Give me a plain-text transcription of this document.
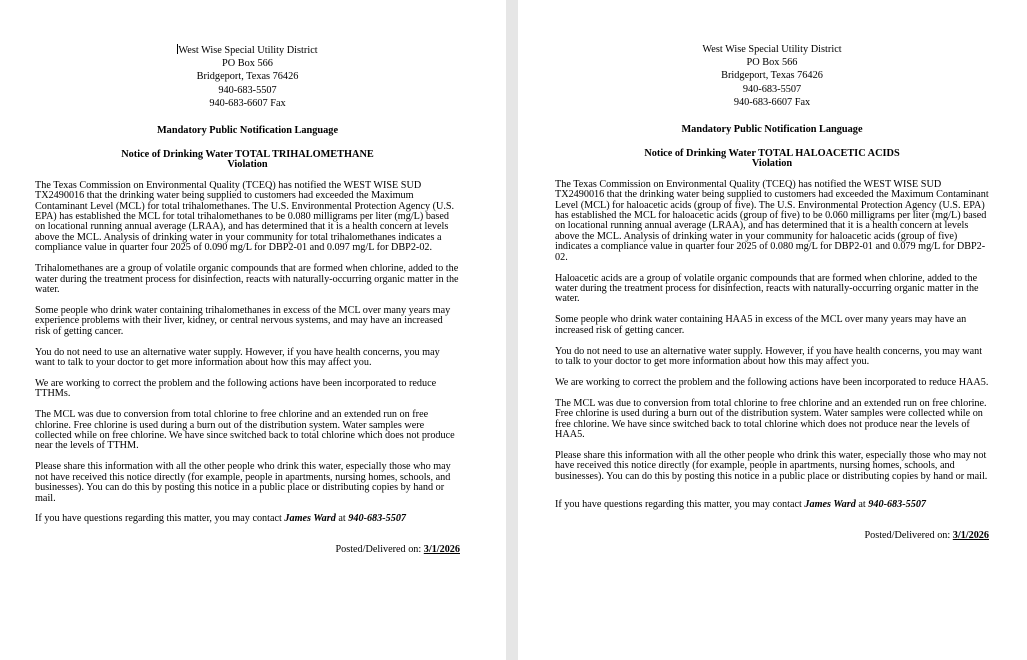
West Wise Special Utility District
PO Box 566
Bridgeport, Texas 76426
940-683-5507
940-683-6607 Fax
Mandatory Public Notification Language
Notice of Drinking Water TOTAL TRIHALOMETHANE
Violation

The Texas Commission on Environmental Quality (TCEQ) has notified the WEST WISE SUD TX2490016 that the drinking water being supplied to customers had exceeded the Maximum Contaminant Level (MCL) for total trihalomethanes. The U.S. Environmental Protection Agency (U.S. EPA) has established the MCL for total trihalomethanes to be 0.080 milligrams per liter (mg/L) based on locational running annual average (LRAA), and has determined that it is a health concern at levels above the MCL. Analysis of drinking water in your community for total trihalomethanes indicates a compliance value in quarter four 2025 of 0.090 mg/L for DBP2-01 and 0.097 mg/L for DBP2-02.

Trihalomethanes are a group of volatile organic compounds that are formed when chlorine, added to the water during the treatment process for disinfection, reacts with naturally-occurring organic matter in the water.

Some people who drink water containing trihalomethanes in excess of the MCL over many years may experience problems with their liver, kidney, or central nervous systems, and may have an increased risk of getting cancer.

You do not need to use an alternative water supply. However, if you have health concerns, you may want to talk to your doctor to get more information about how this may affect you.

We are working to correct the problem and the following actions have been incorporated to reduce TTHMs.

The MCL was due to conversion from total chlorine to free chlorine and an extended run on free chlorine. Free chlorine is used during a burn out of the distribution system. Water samples were collected while on free chlorine. We have since switched back to total chlorine which does not produce near the levels of TTHM.

Please share this information with all the other people who drink this water, especially those who may not have received this notice directly (for example, people in apartments, nursing homes, schools, and businesses). You can do this by posting this notice in a public place or distributing copies by hand or mail.

If you have questions regarding this matter, you may contact James Ward at 940-683-5507
Posted/Delivered on: 3/1/2026
West Wise Special Utility District
PO Box 566
Bridgeport, Texas 76426
940-683-5507
940-683-6607 Fax
Mandatory Public Notification Language
Notice of Drinking Water TOTAL HALOACETIC ACIDS
Violation

The Texas Commission on Environmental Quality (TCEQ) has notified the WEST WISE SUD TX2490016 that the drinking water being supplied to customers had exceeded the Maximum Contaminant Level (MCL) for haloacetic acids (group of five). The U.S. Environmental Protection Agency (U.S. EPA) has established the MCL for haloacetic acids (group of five) to be 0.060 milligrams per liter (mg/L) based on locational running annual average (LRAA), and has determined that it is a health concern at levels above the MCL. Analysis of drinking water in your community for haloacetic acids (group of five) indicates a compliance value in quarter four 2025 of 0.080 mg/L for DBP2-01 and 0.079 mg/L for DBP2-02.

Haloacetic acids are a group of volatile organic compounds that are formed when chlorine, added to the water during the treatment process for disinfection, reacts with naturally-occurring organic matter in the water.

Some people who drink water containing HAA5 in excess of the MCL over many years may have an increased risk of getting cancer.

You do not need to use an alternative water supply. However, if you have health concerns, you may want to talk to your doctor to get more information about how this may affect you.

We are working to correct the problem and the following actions have been incorporated to reduce HAA5.

The MCL was due to conversion from total chlorine to free chlorine and an extended run on free chlorine. Free chlorine is used during a burn out of the distribution system. Water samples were collected while on free chlorine. We have since switched back to total chlorine which does not produce near the levels of HAA5.

Please share this information with all the other people who drink this water, especially those who may not have received this notice directly (for example, people in apartments, nursing homes, schools, and businesses). You can do this by posting this notice in a public place or distributing copies by hand or mail.

If you have questions regarding this matter, you may contact James Ward at 940-683-5507
Posted/Delivered on: 3/1/2026
